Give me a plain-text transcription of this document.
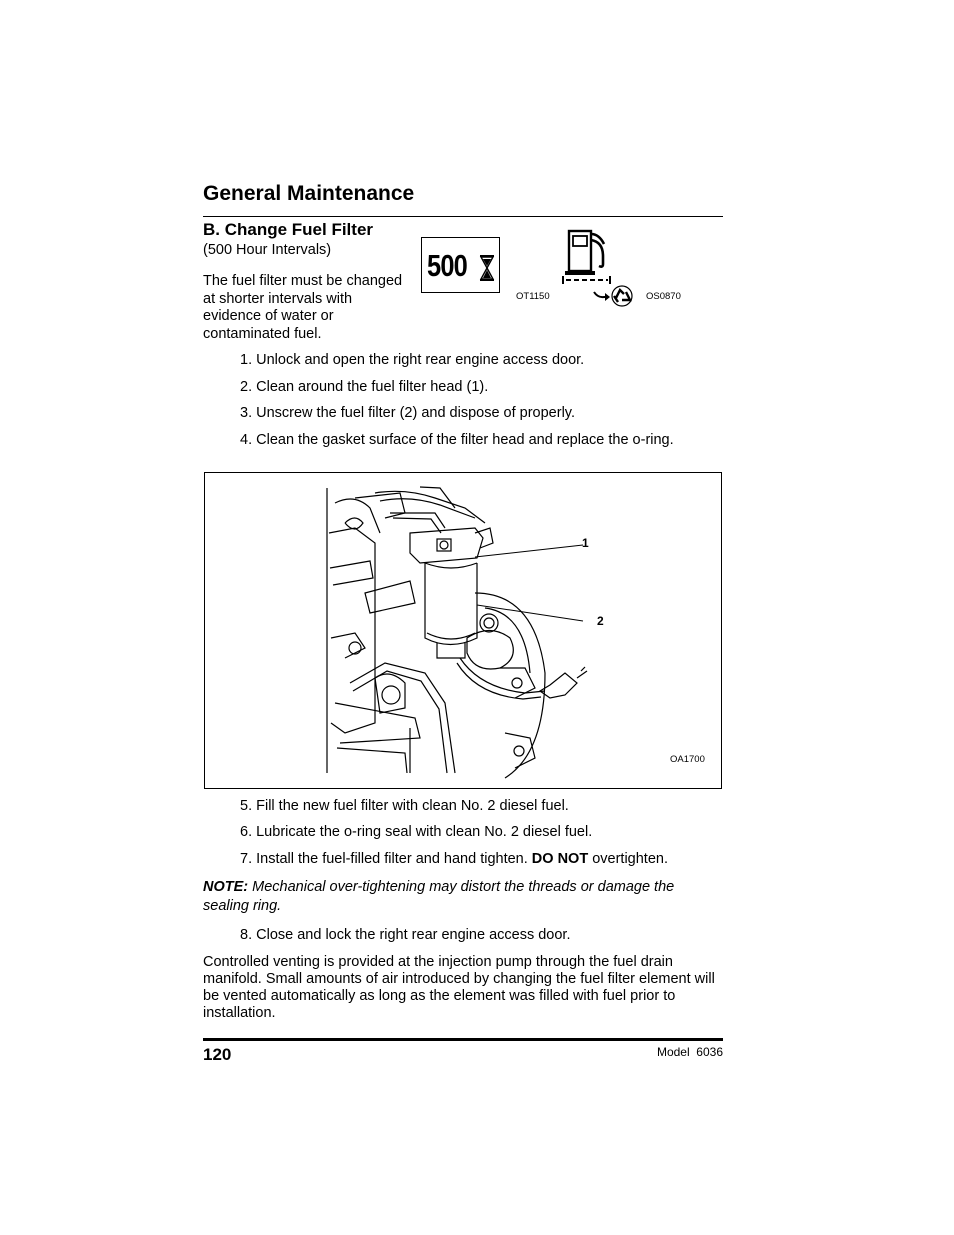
General Maintenance
B. Change Fuel Filter
(500 Hour Intervals)
The fuel filter must be changed at shorter intervals with evidence of water or contaminated fuel.
500
OT1150	OS0870
1. Unlock and open the right rear engine access door.
2. Clean around the fuel filter head (1).
3. Unscrew the fuel filter (2) and dispose of properly.
4. Clean the gasket surface of the filter head and replace the o-ring.
1
2
OA1700
5. Fill the new fuel filter with clean No. 2 diesel fuel.
6. Lubricate the o-ring seal with clean No. 2 diesel fuel.
7. Install the fuel-filled filter and hand tighten. DO NOT overtighten.
NOTE: Mechanical over-tightening may distort the threads or damage the sealing ring.
8. Close and lock the right rear engine access door.
Controlled venting is provided at the injection pump through the fuel drain manifold. Small amounts of air introduced by changing the fuel filter element will be vented automatically as long as the element was filled with fuel prior to installation.
120	Model  6036
